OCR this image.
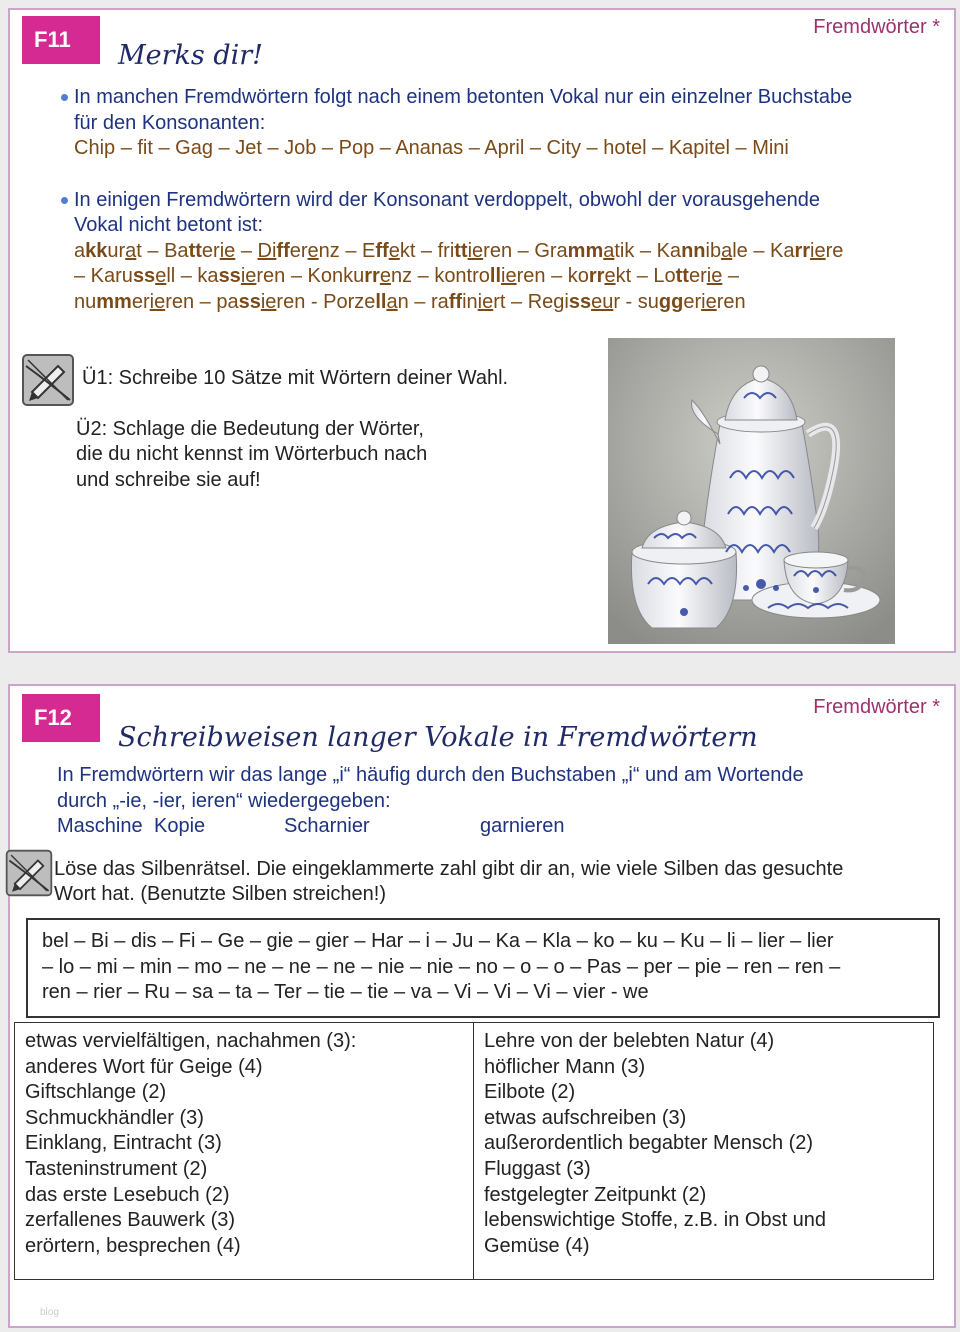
F11	Fremdwörter *
Merks dir!
In manchen Fremdwörtern folgt nach einem betonten Vokal nur ein einzelner Buchstabe
für den Konsonanten:
Chip – fit – Gag – Jet – Job – Pop – Ananas – April – City – hotel – Kapitel – Mini
In einigen Fremdwörtern wird der Konsonant verdoppelt, obwohl der vorausgehende
Vokal nicht betont ist:
akkurat – Batterie – Differenz – Effekt – frittieren – Grammatik – Kannibale – Karriere
– Karussell – kassieren – Konkurrenz – kontrollieren – korrekt – Lotterie –
nummerieren – passieren - Porzellan – raffiniert – Regisseur - suggerieren
Ü1: Schreibe 10 Sätze mit Wörtern deiner Wahl.
Ü2: Schlage die Bedeutung der Wörter,
die du nicht kennst im Wörterbuch nach
und schreibe sie auf!
F12	Fremdwörter *
Schreibweisen langer Vokale in Fremdwörtern
In Fremdwörtern wir das lange „i“ häufig durch den Buchstaben „i“ und am Wortende
durch „-ie, -ier, ieren“ wiedergegeben:
Maschine Kopie	Scharnier	garnieren
Löse das Silbenrätsel. Die eingeklammerte zahl gibt dir an, wie viele Silben das gesuchte
Wort hat. (Benutzte Silben streichen!)
bel – Bi – dis – Fi – Ge – gie – gier – Har – i – Ju – Ka – Kla – ko – ku – Ku – li – lier – lier
– lo – mi – min – mo – ne – ne – ne – nie – nie – no – o – o – Pas – per – pie – ren – ren –
ren – rier – Ru – sa – ta – Ter – tie – tie – va – Vi – Vi – Vi – vier - we
etwas vervielfältigen, nachahmen (3):
anderes Wort für Geige (4)
Giftschlange (2)
Schmuckhändler (3)
Einklang, Eintracht (3)
Tasteninstrument (2)
das erste Lesebuch (2)
zerfallenes Bauwerk (3)
erörtern, besprechen (4)
Lehre von der belebten Natur (4)
höflicher Mann (3)
Eilbote (2)
etwas aufschreiben (3)
außerordentlich begabter Mensch (2)
Fluggast (3)
festgelegter Zeitpunkt (2)
lebenswichtige Stoffe, z.B. in Obst und
Gemüse (4)
blog
